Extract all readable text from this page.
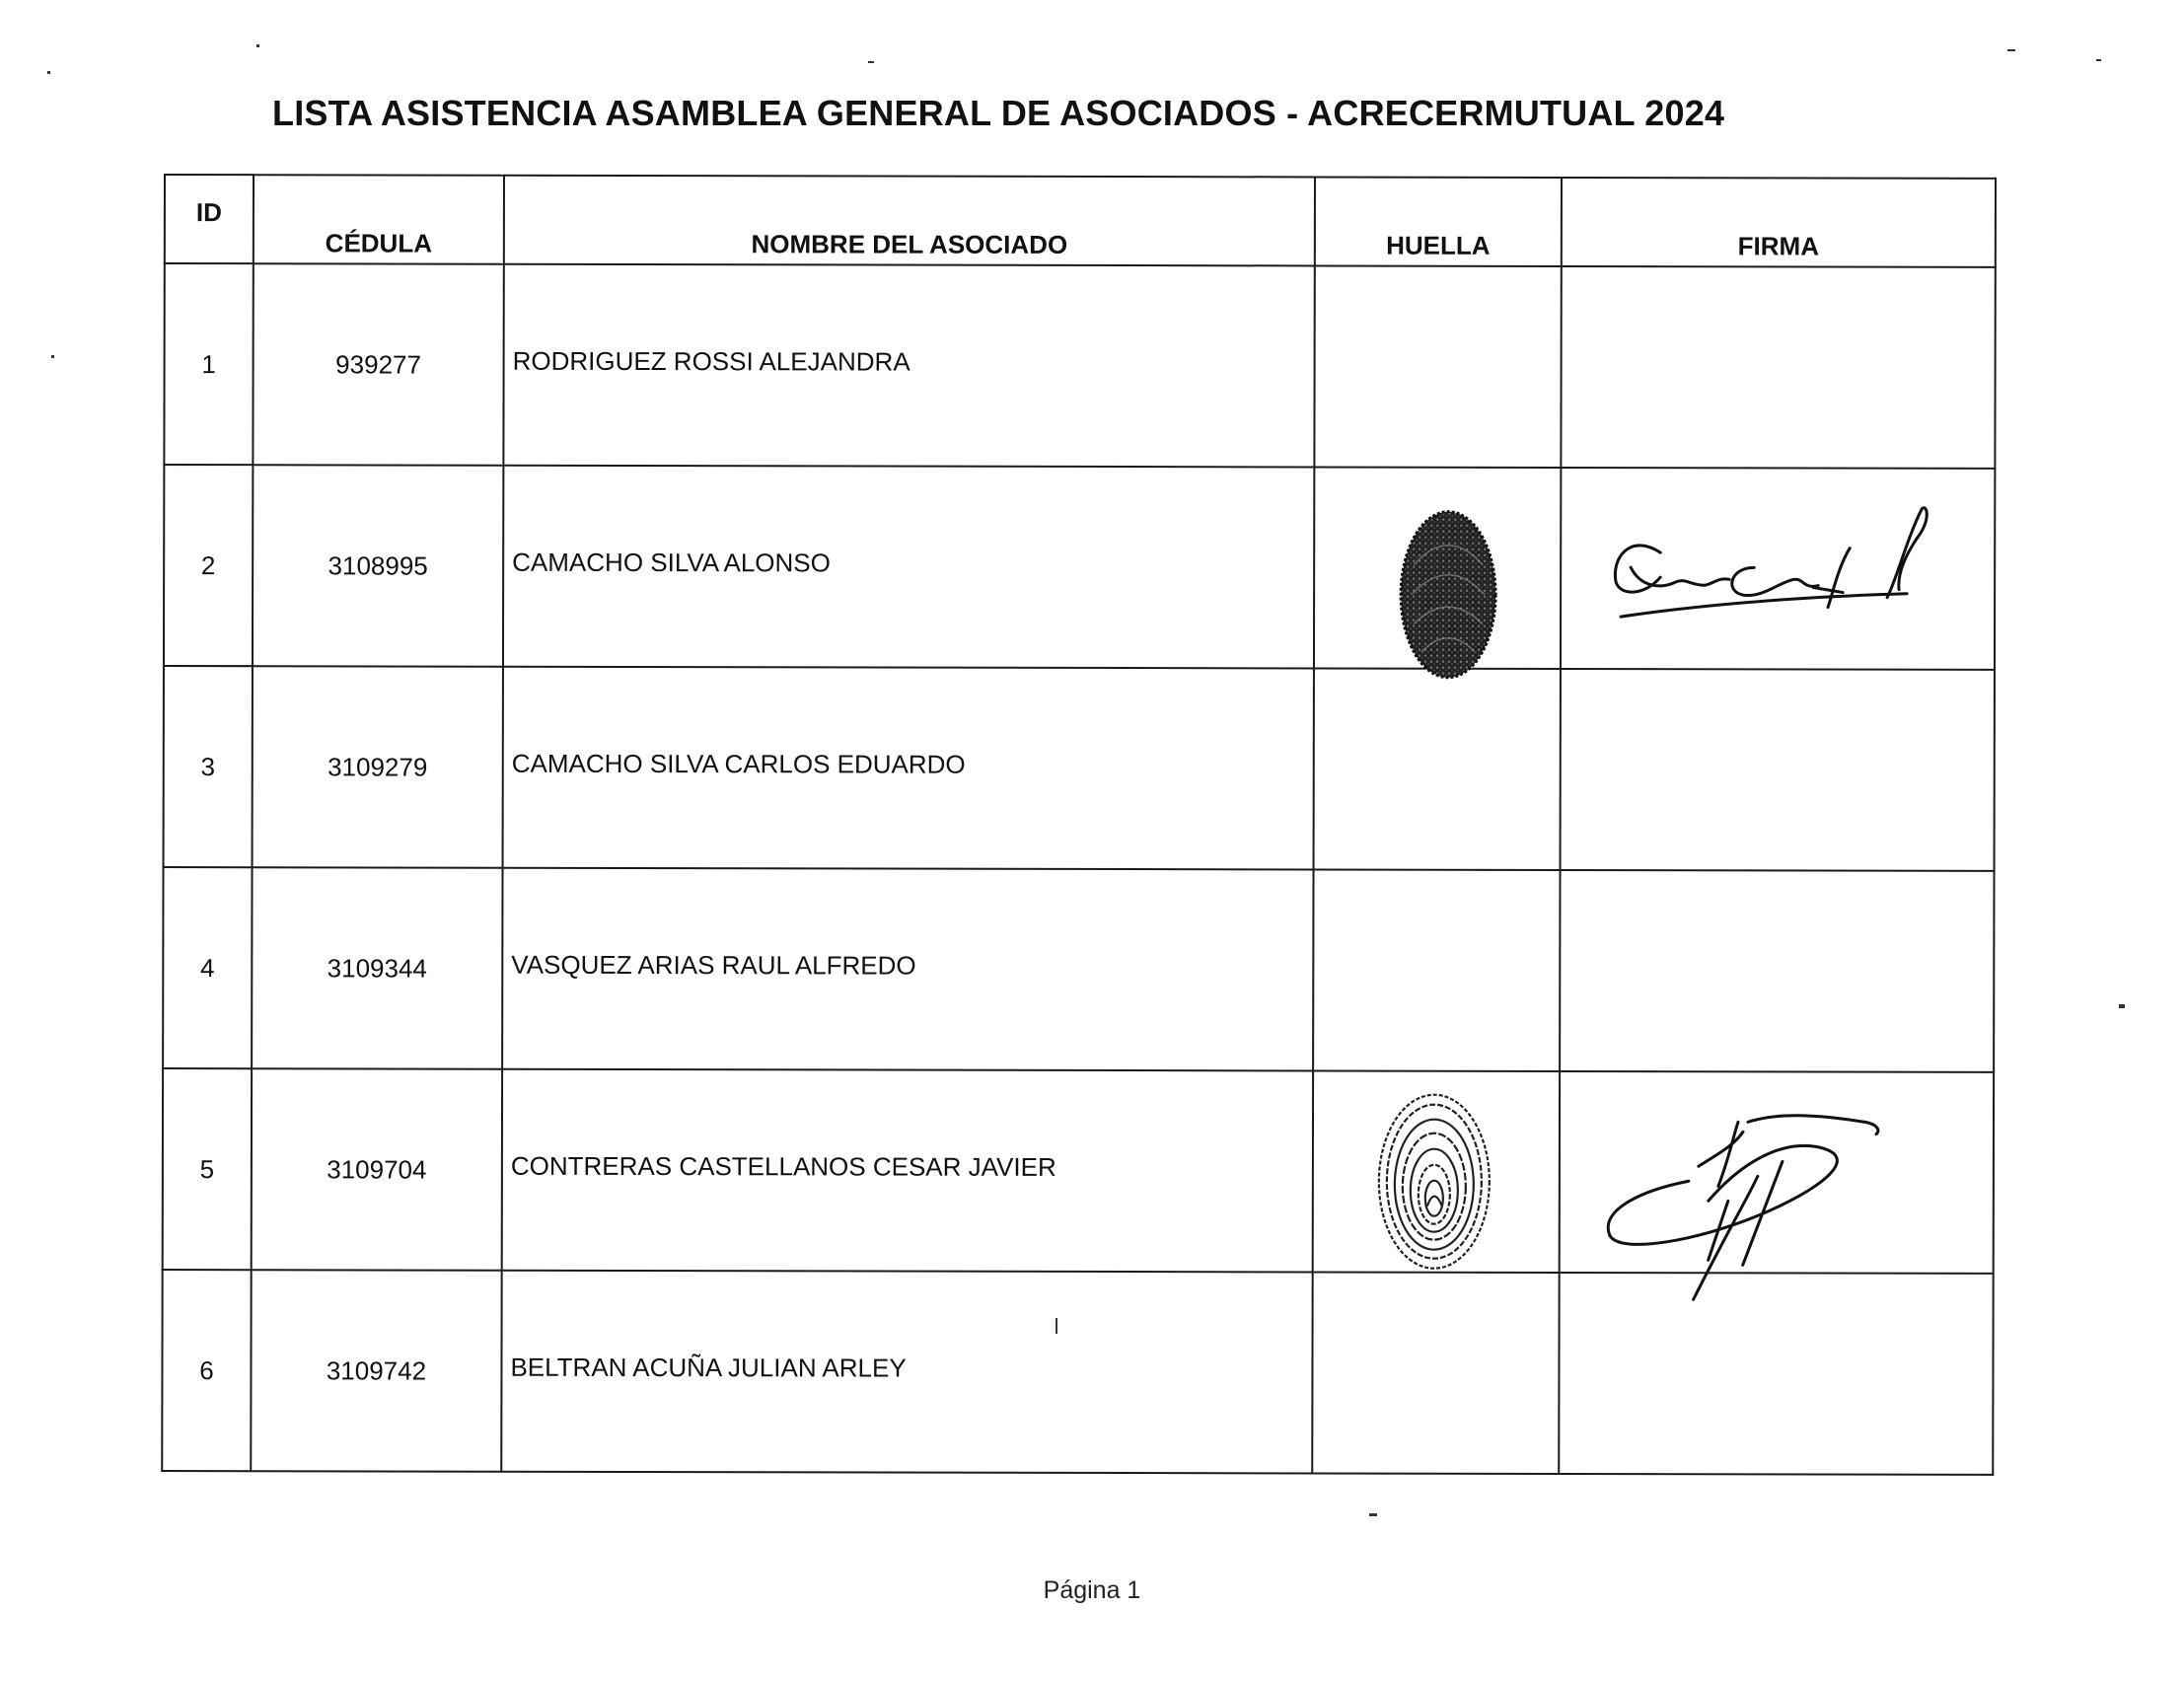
LISTA ASISTENCIA ASAMBLEA GENERAL DE ASOCIADOS - ACRECERMUTUAL 2024
ID	CÉDULA	NOMBRE DEL ASOCIADO	HUELLA	FIRMA
1	939277	RODRIGUEZ ROSSI ALEJANDRA		
2	3108995	CAMACHO SILVA ALONSO	

3	3109279	CAMACHO SILVA CARLOS EDUARDO		
4	3109344	VASQUEZ ARIAS RAUL ALFREDO		
5	3109704	CONTRERAS CASTELLANOS CESAR JAVIER	

6	3109742	BELTRAN ACUÑA JULIAN ARLEY		
Página 1
